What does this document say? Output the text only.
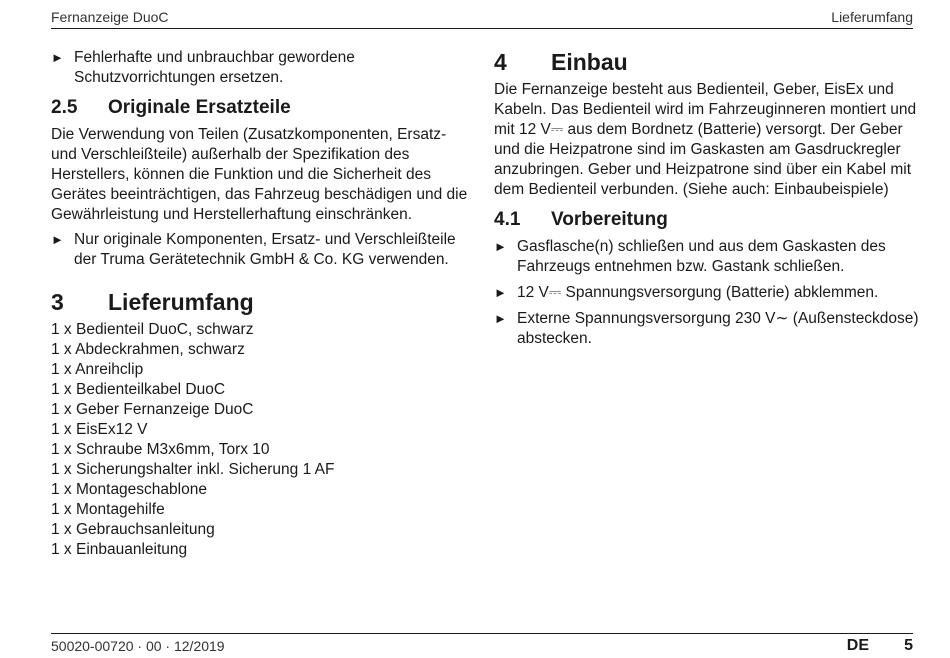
Fernanzeige DuoC	Lieferumfang
► Fehlerhafte und unbrauchbar gewordene Schutzvorrichtungen ersetzen.
2.5 Originale Ersatzteile

Die Verwendung von Teilen (Zusatzkomponenten, Ersatz- und Verschleißteile) außerhalb der Spezifikation des Herstellers, können die Funktion und die Sicherheit des Gerätes beeinträchtigen, das Fahrzeug beschädigen und die Gewährleistung und Herstellerhaftung einschränken.

► Nur originale Komponenten, Ersatz- und Verschleißteile der Truma Gerätetechnik GmbH & Co. KG verwenden.
3 Lieferumfang

1 x Bedienteil DuoC, schwarz

1 x Abdeckrahmen, schwarz

1 x Anreihclip

1 x Bedienteilkabel DuoC

1 x Geber Fernanzeige DuoC

1 x EisEx12 V

1 x Schraube M3x6mm, Torx 10

1 x Sicherungshalter inkl. Sicherung 1 AF

1 x Montageschablone

1 x Montagehilfe

1 x Gebrauchsanleitung

1 x Einbauanleitung

4 Einbau

Die Fernanzeige besteht aus Bedienteil, Geber, EisEx und Kabeln. Das Bedienteil wird im Fahrzeuginneren montiert und mit 12 V⎓ aus dem Bordnetz (Batterie) versorgt. Der Geber und die Heizpatrone sind im Gaskasten am Gasdruckregler anzubringen. Geber und Heizpatrone sind über ein Kabel mit dem Bedienteil verbunden. (Siehe auch: Einbaubeispiele)

4.1 Vorbereitung
► Gasflasche(n) schließen und aus dem Gaskasten des Fahrzeugs entnehmen bzw. Gastank schließen.
► 12 V⎓ Spannungsversorgung (Batterie) abklemmen.
► Externe Spannungsversorgung 230 V∼ (Außensteckdose) abstecken.
50020-00720 · 00 · 12/2019	DE 5
